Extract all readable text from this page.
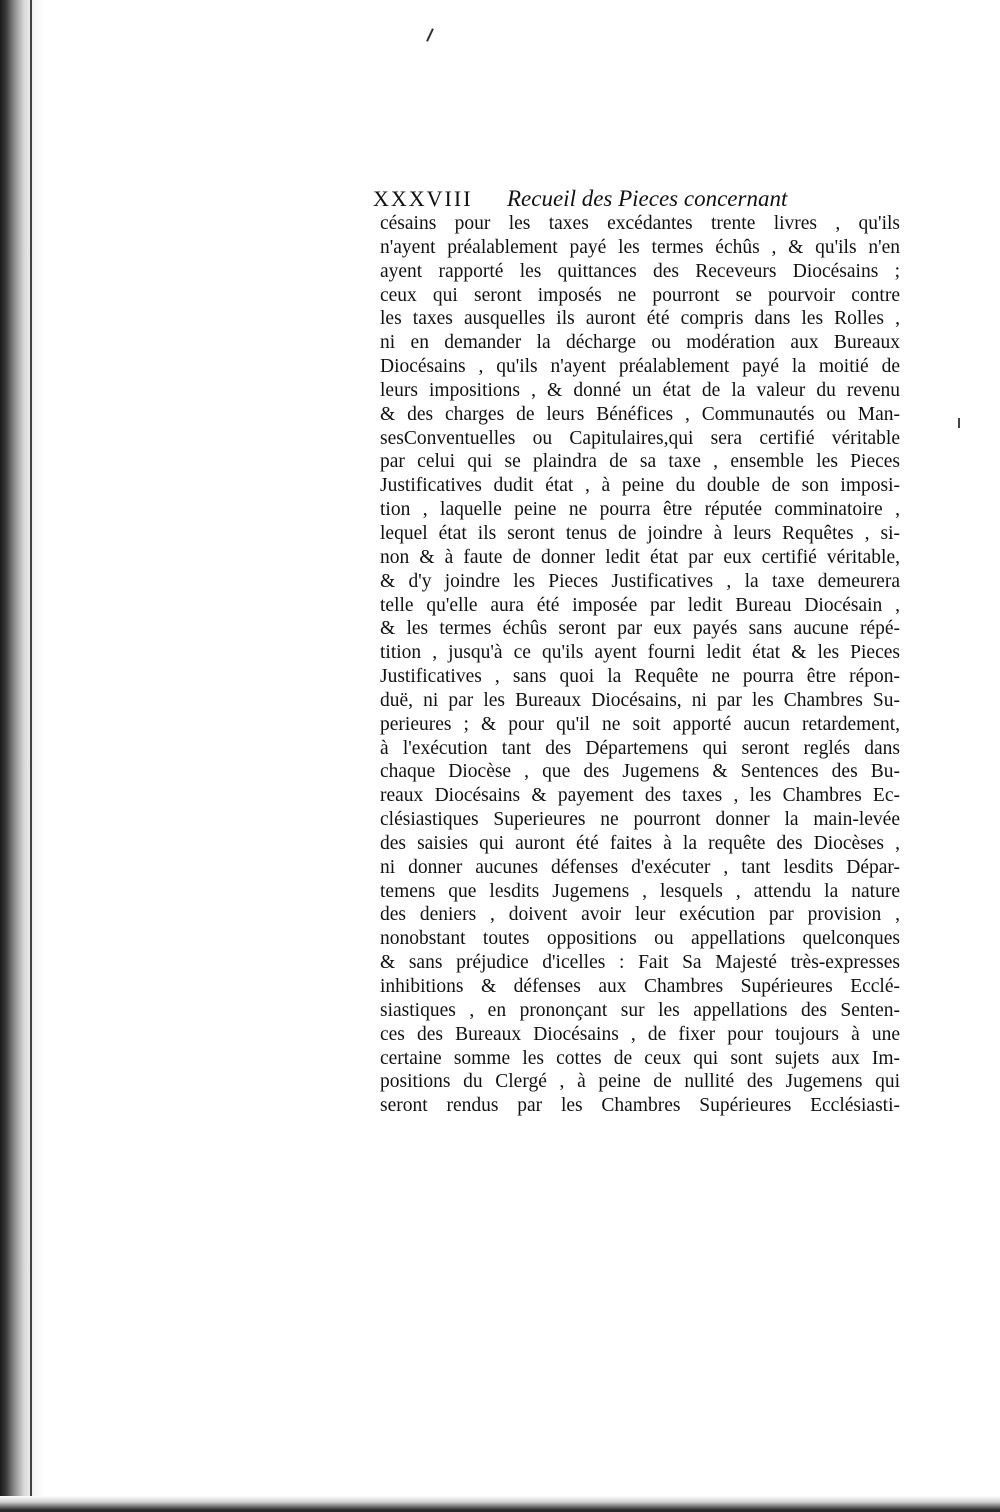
XXXVIII Recueil des Pieces concernant
césains pour les taxes excédantes trente livres , qu'ils
n'ayent préalablement payé les termes échûs , & qu'ils n'en
ayent rapporté les quittances des Receveurs Diocésains ;
ceux qui seront imposés ne pourront se pourvoir contre
les taxes ausquelles ils auront été compris dans les Rolles ,
ni en demander la décharge ou modération aux Bureaux
Diocésains , qu'ils n'ayent préalablement payé la moitié de
leurs impositions , & donné un état de la valeur du revenu
& des charges de leurs Bénéfices , Communautés ou Man-
sesConventuelles ou Capitulaires,qui sera certifié véritable
par celui qui se plaindra de sa taxe , ensemble les Pieces
Justificatives dudit état , à peine du double de son imposi-
tion , laquelle peine ne pourra être réputée comminatoire ,
lequel état ils seront tenus de joindre à leurs Requêtes , si-
non & à faute de donner ledit état par eux certifié véritable,
& d'y joindre les Pieces Justificatives , la taxe demeurera
telle qu'elle aura été imposée par ledit Bureau Diocésain ,
& les termes échûs seront par eux payés sans aucune répé-
tition , jusqu'à ce qu'ils ayent fourni ledit état & les Pieces
Justificatives , sans quoi la Requête ne pourra être répon-
duë, ni par les Bureaux Diocésains, ni par les Chambres Su-
perieures ; & pour qu'il ne soit apporté aucun retardement,
à l'exécution tant des Départemens qui seront reglés dans
chaque Diocèse , que des Jugemens & Sentences des Bu-
reaux Diocésains & payement des taxes , les Chambres Ec-
clésiastiques Superieures ne pourront donner la main-levée
des saisies qui auront été faites à la requête des Diocèses ,
ni donner aucunes défenses d'exécuter , tant lesdits Dépar-
temens que lesdits Jugemens , lesquels , attendu la nature
des deniers , doivent avoir leur exécution par provision ,
nonobstant toutes oppositions ou appellations quelconques
& sans préjudice d'icelles : Fait Sa Majesté très-expresses
inhibitions & défenses aux Chambres Supérieures Ecclé-
siastiques , en prononçant sur les appellations des Senten-
ces des Bureaux Diocésains , de fixer pour toujours à une
certaine somme les cottes de ceux qui sont sujets aux Im-
positions du Clergé , à peine de nullité des Jugemens qui
seront rendus par les Chambres Supérieures Ecclésiasti-
